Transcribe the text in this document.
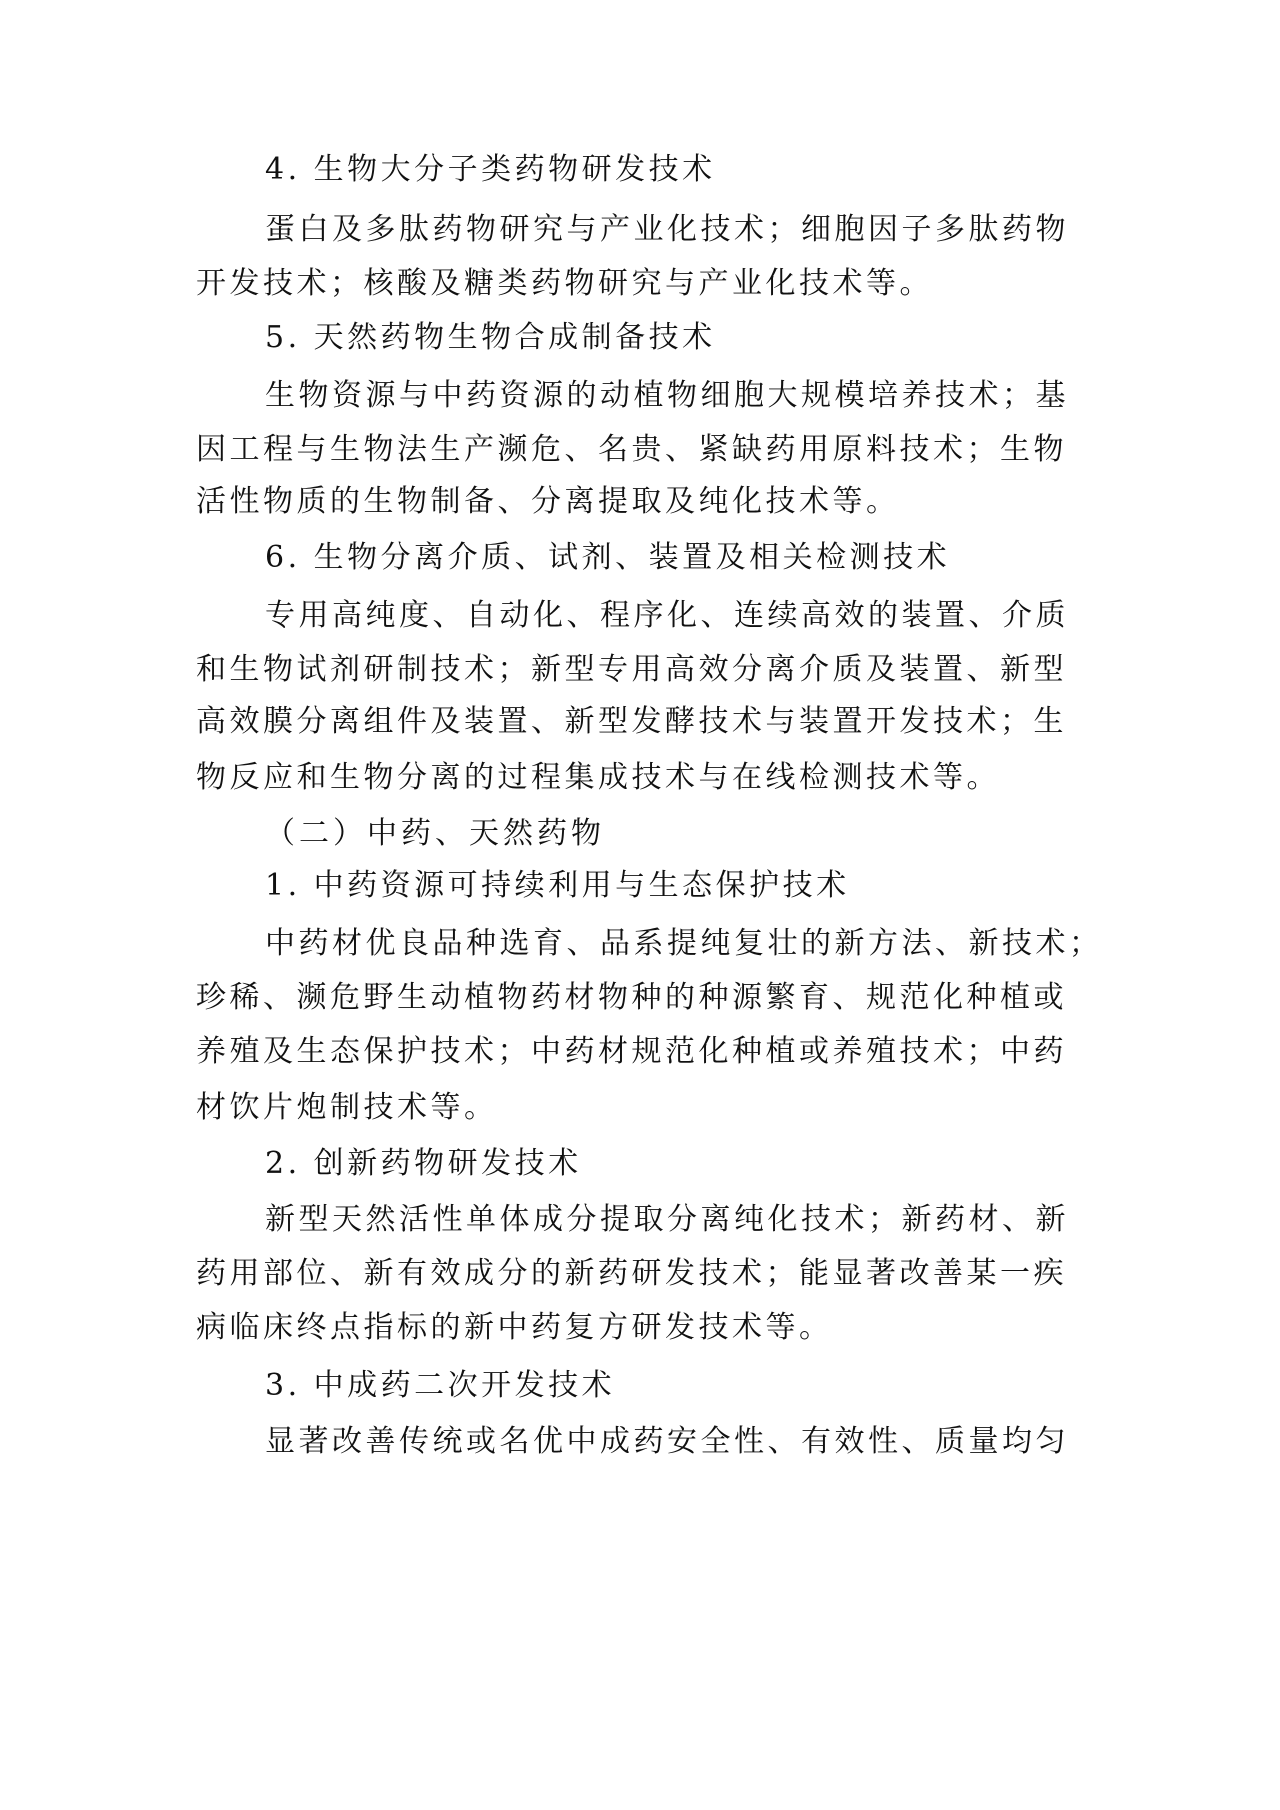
4. 生物大分子类药物研发技术
蛋白及多肽药物研究与产业化技术；细胞因子多肽药物
开发技术；核酸及糖类药物研究与产业化技术等。
5. 天然药物生物合成制备技术
生物资源与中药资源的动植物细胞大规模培养技术；基
因工程与生物法生产濒危、名贵、紧缺药用原料技术；生物
活性物质的生物制备、分离提取及纯化技术等。
6. 生物分离介质、试剂、装置及相关检测技术
专用高纯度、自动化、程序化、连续高效的装置、介质
和生物试剂研制技术；新型专用高效分离介质及装置、新型
高效膜分离组件及装置、新型发酵技术与装置开发技术；生
物反应和生物分离的过程集成技术与在线检测技术等。
（二）中药、天然药物
1. 中药资源可持续利用与生态保护技术
中药材优良品种选育、品系提纯复壮的新方法、新技术；
珍稀、濒危野生动植物药材物种的种源繁育、规范化种植或
养殖及生态保护技术；中药材规范化种植或养殖技术；中药
材饮片炮制技术等。
2. 创新药物研发技术
新型天然活性单体成分提取分离纯化技术；新药材、新
药用部位、新有效成分的新药研发技术；能显著改善某一疾
病临床终点指标的新中药复方研发技术等。
3. 中成药二次开发技术
显著改善传统或名优中成药安全性、有效性、质量均匀
